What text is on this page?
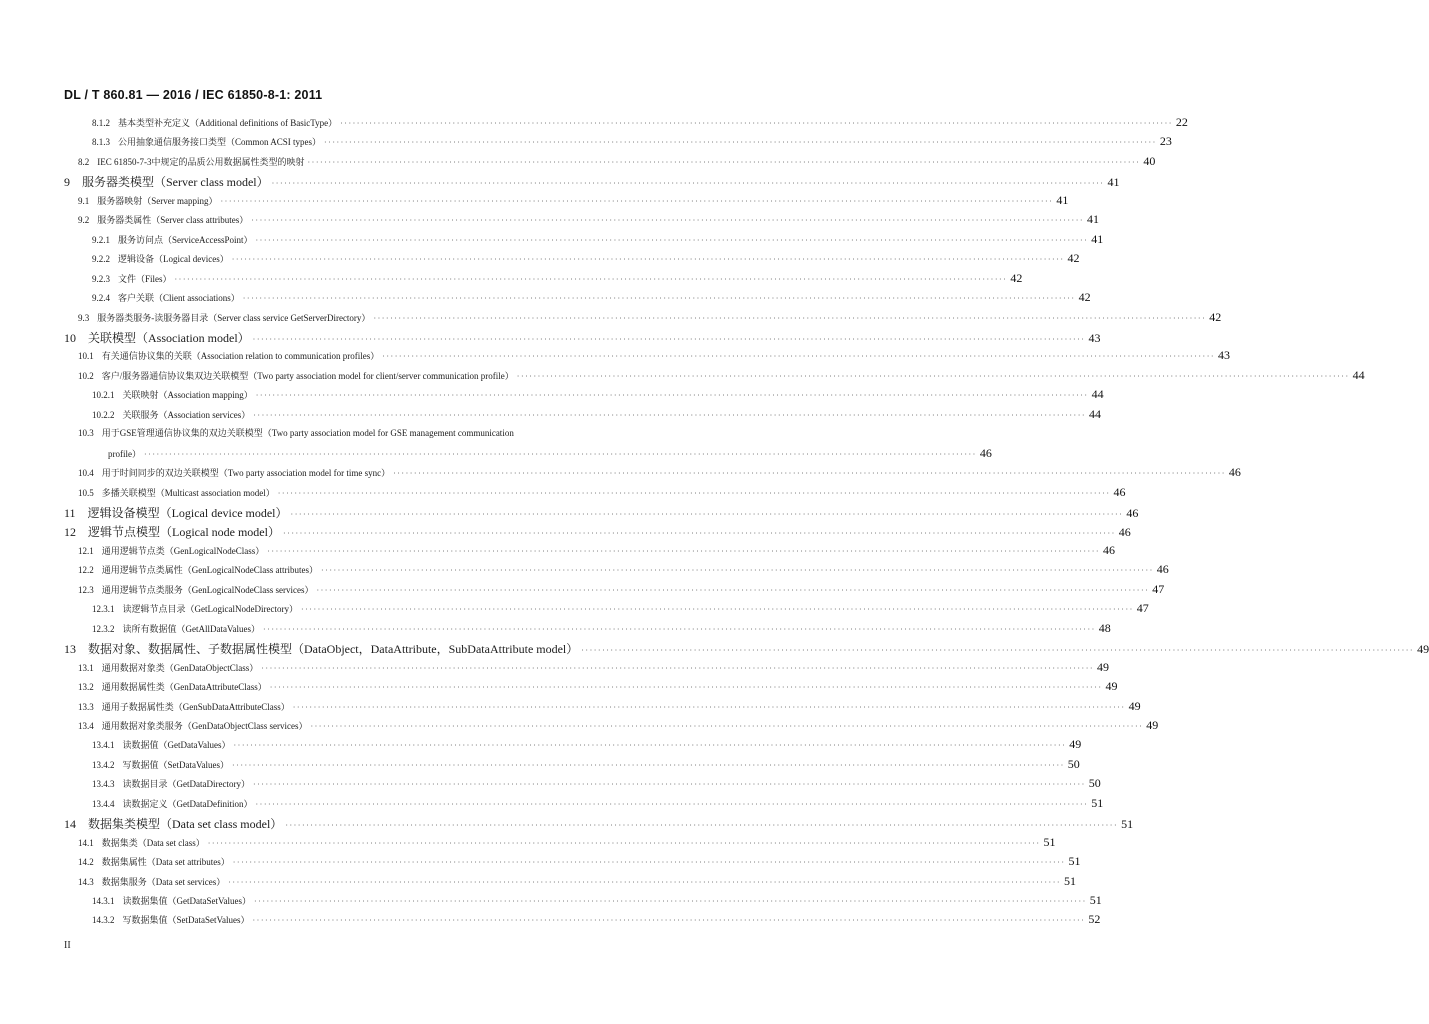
DL / T 860.81 — 2016 / IEC 61850-8-1: 2011
8.1.2 基本类型补充定义（Additional definitions of BasicType） ········································································································································································································ 22
8.1.3 公用抽象通信服务接口类型（Common ACSI types） ········································································································································································································ 23
8.2 IEC 61850-7-3中规定的品质公用数据属性类型的映射 ········································································································································································································ 40
9 服务器类模型（Server class model） ········································································································································································································ 41
9.1 服务器映射（Server mapping） ········································································································································································································ 41
9.2 服务器类属性（Server class attributes） ········································································································································································································ 41
9.2.1 服务访问点（ServiceAccessPoint） ········································································································································································································ 41
9.2.2 逻辑设备（Logical devices） ········································································································································································································ 42
9.2.3 文件（Files） ········································································································································································································ 42
9.2.4 客户关联（Client associations） ········································································································································································································ 42
9.3 服务器类服务-读服务器目录（Server class service GetServerDirectory） ········································································································································································································ 42
10 关联模型（Association model） ········································································································································································································ 43
10.1 有关通信协议集的关联（Association relation to communication profiles） ········································································································································································································ 43
10.2 客户/服务器通信协议集双边关联模型（Two party association model for client/server communication profile） ········································································································································································································ 44
10.2.1 关联映射（Association mapping） ········································································································································································································ 44
10.2.2 关联服务（Association services） ········································································································································································································ 44
10.3 用于GSE管理通信协议集的双边关联模型（Two party association model for GSE management communication
profile） ········································································································································································································ 46
10.4 用于时间同步的双边关联模型（Two party association model for time sync） ········································································································································································································ 46
10.5 多播关联模型（Multicast association model） ········································································································································································································ 46
11 逻辑设备模型（Logical device model） ········································································································································································································ 46
12 逻辑节点模型（Logical node model） ········································································································································································································ 46
12.1 通用逻辑节点类（GenLogicalNodeClass） ········································································································································································································ 46
12.2 通用逻辑节点类属性（GenLogicalNodeClass attributes） ········································································································································································································ 46
12.3 通用逻辑节点类服务（GenLogicalNodeClass services） ········································································································································································································ 47
12.3.1 读逻辑节点目录（GetLogicalNodeDirectory） ········································································································································································································ 47
12.3.2 读所有数据值（GetAllDataValues） ········································································································································································································ 48
13 数据对象、数据属性、子数据属性模型（DataObject，DataAttribute，SubDataAttribute model） ········································································································································································································ 49
13.1 通用数据对象类（GenDataObjectClass） ········································································································································································································ 49
13.2 通用数据属性类（GenDataAttributeClass） ········································································································································································································ 49
13.3 通用子数据属性类（GenSubDataAttributeClass） ········································································································································································································ 49
13.4 通用数据对象类服务（GenDataObjectClass services） ········································································································································································································ 49
13.4.1 读数据值（GetDataValues） ········································································································································································································ 49
13.4.2 写数据值（SetDataValues） ········································································································································································································ 50
13.4.3 读数据目录（GetDataDirectory） ········································································································································································································ 50
13.4.4 读数据定义（GetDataDefinition） ········································································································································································································ 51
14 数据集类模型（Data set class model） ········································································································································································································ 51
14.1 数据集类（Data set class） ········································································································································································································ 51
14.2 数据集属性（Data set attributes） ········································································································································································································ 51
14.3 数据集服务（Data set services） ········································································································································································································ 51
14.3.1 读数据集值（GetDataSetValues） ········································································································································································································ 51
14.3.2 写数据集值（SetDataSetValues） ········································································································································································································ 52
II
